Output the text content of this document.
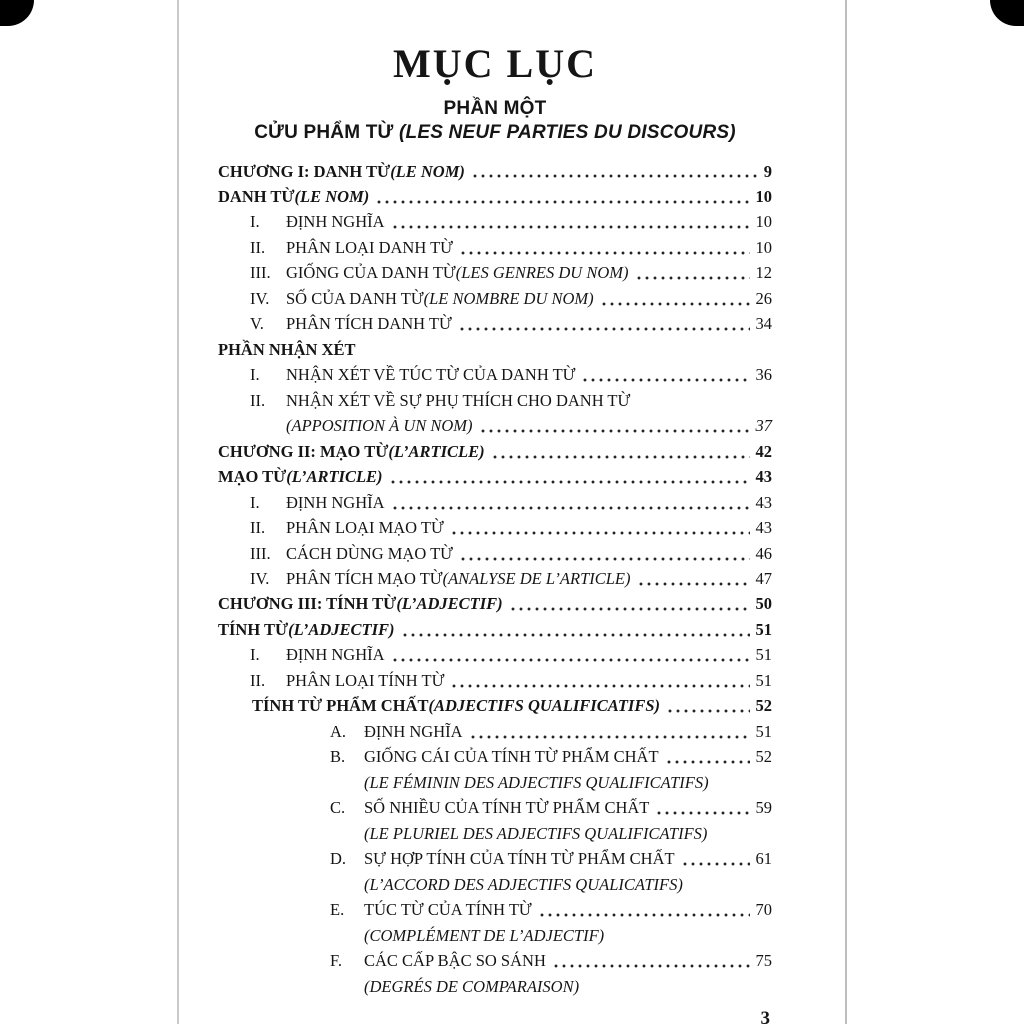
MỤC LỤC
PHẦN MỘT
CỬU PHẨM TỪ (LES NEUF PARTIES DU DISCOURS)
CHƯƠNG I: DANH TỪ (LE NOM)	9
DANH TỪ (LE NOM)	10
I.	ĐỊNH NGHĨA	10
II.	PHÂN LOẠI DANH TỪ	10
III. GIỐNG CỦA DANH TỪ (LES GENRES DU NOM)	12
IV.	SỐ CỦA DANH TỪ (LE NOMBRE DU NOM)	26
V.	PHÂN TÍCH DANH TỪ	34
PHẦN NHẬN XÉT
I.	NHẬN XÉT VỀ TÚC TỪ CỦA DANH TỪ	36
II.	NHẬN XÉT VỀ SỰ PHỤ THÍCH CHO DANH TỪ
(APPOSITION À UN NOM)	37
CHƯƠNG II: MẠO TỪ (L’ARTICLE)	42
MẠO TỪ (L’ARTICLE)	43
I.	ĐỊNH NGHĨA	43
II.	PHÂN LOẠI MẠO TỪ	43
III. CÁCH DÙNG MẠO TỪ	46
IV.	PHÂN TÍCH MẠO TỪ (ANALYSE DE L’ARTICLE)	47
CHƯƠNG III: TÍNH TỪ (L’ADJECTIF)	50
TÍNH TỪ (L’ADJECTIF)	51
I.	ĐỊNH NGHĨA	51
II.	PHÂN LOẠI TÍNH TỪ	51
TÍNH TỪ PHẨM CHẤT (ADJECTIFS QUALIFICATIFS)	52
A.	ĐỊNH NGHĨA	51
B.	GIỐNG CÁI CỦA TÍNH TỪ PHẨM CHẤT	52
(LE FÉMININ DES ADJECTIFS QUALIFICATIFS)
C.	SỐ NHIỀU CỦA TÍNH TỪ PHẨM CHẤT	59
(LE PLURIEL DES ADJECTIFS QUALIFICATIFS)
D.	SỰ HỢP TÍNH CỦA TÍNH TỪ PHẨM CHẤT	61
(L’ACCORD DES ADJECTIFS QUALICATIFS)
E.	TÚC TỪ CỦA TÍNH TỪ	70
(COMPLÉMENT DE L’ADJECTIF)
F.	CÁC CẤP BẬC SO SÁNH	75
(DEGRÉS DE COMPARAISON)
3
